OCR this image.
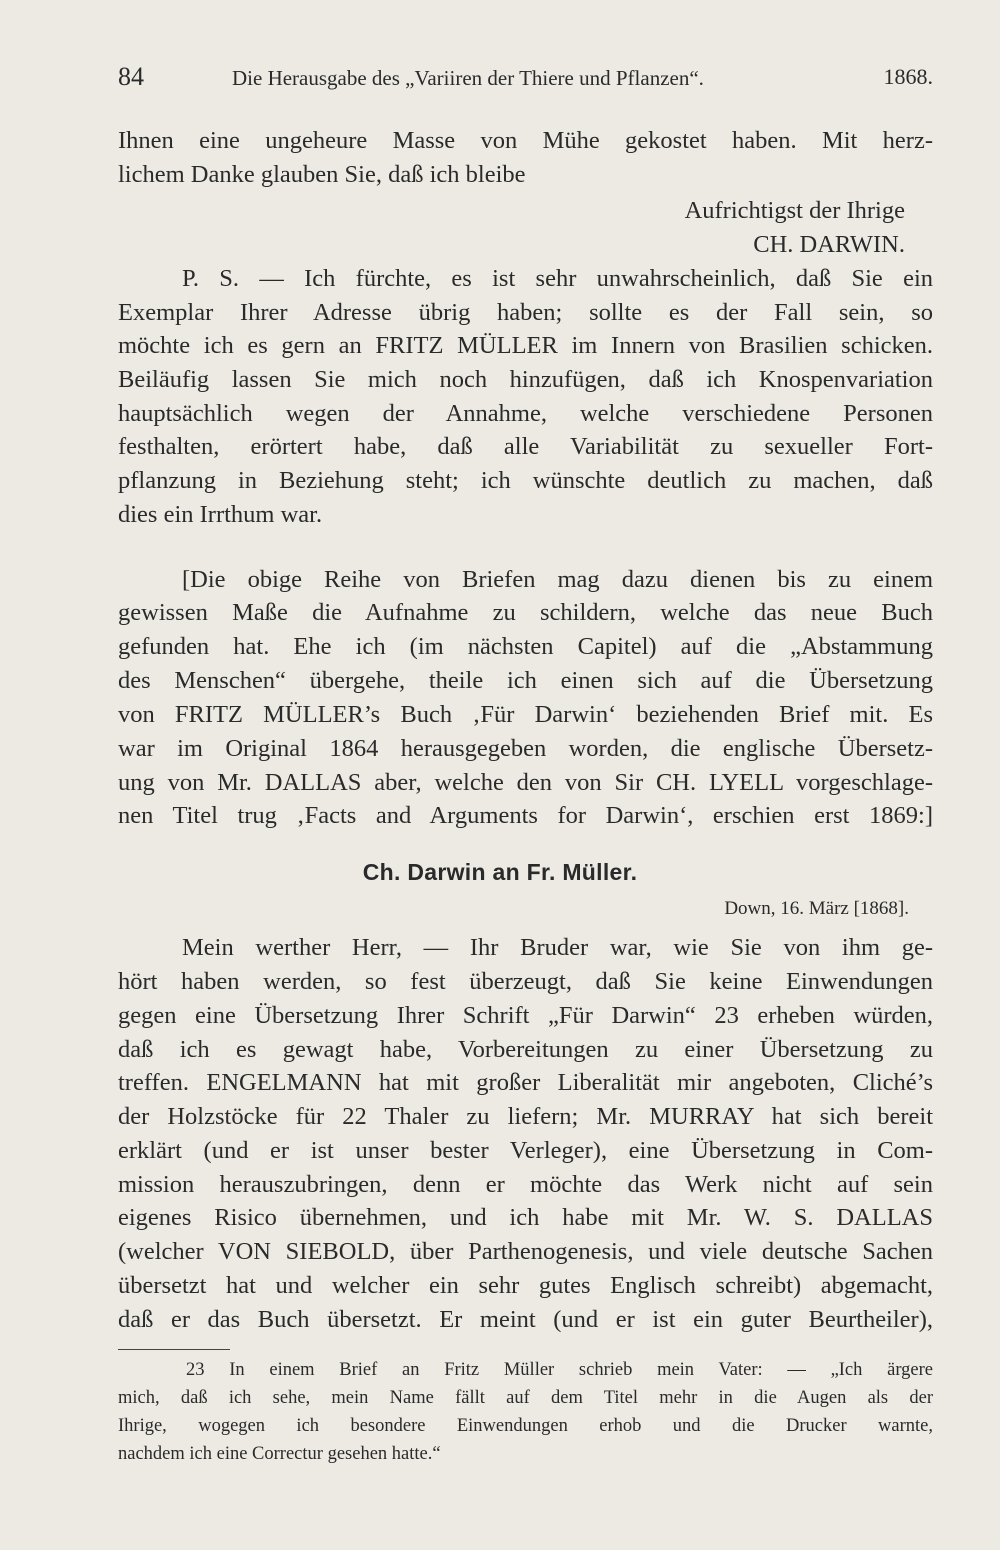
84	Die Herausgabe des „Variiren der Thiere und Pflanzen“.	1868.
Ihnen eine ungeheure Masse von Mühe gekostet haben. Mit herz-
lichem Danke glauben Sie, daß ich bleibe
Aufrichtigst der Ihrige
CH. DARWIN.
P. S. — Ich fürchte, es ist sehr unwahrscheinlich, daß Sie ein
Exemplar Ihrer Adresse übrig haben; sollte es der Fall sein, so
möchte ich es gern an FRITZ MÜLLER im Innern von Brasilien schicken.
Beiläufig lassen Sie mich noch hinzufügen, daß ich Knospenvariation
hauptsächlich wegen der Annahme, welche verschiedene Personen
festhalten, erörtert habe, daß alle Variabilität zu sexueller Fort-
pflanzung in Beziehung steht; ich wünschte deutlich zu machen, daß
dies ein Irrthum war.
[Die obige Reihe von Briefen mag dazu dienen bis zu einem
gewissen Maße die Aufnahme zu schildern, welche das neue Buch
gefunden hat. Ehe ich (im nächsten Capitel) auf die „Abstammung
des Menschen“ übergehe, theile ich einen sich auf die Übersetzung
von FRITZ MÜLLER’s Buch ‚Für Darwin‘ beziehenden Brief mit. Es
war im Original 1864 herausgegeben worden, die englische Übersetz-
ung von Mr. DALLAS aber, welche den von Sir CH. LYELL vorgeschlage-
nen Titel trug ‚Facts and Arguments for Darwin‘, erschien erst 1869:]
Ch. Darwin an Fr. Müller.
Down, 16. März [1868].
Mein werther Herr, — Ihr Bruder war, wie Sie von ihm ge-
hört haben werden, so fest überzeugt, daß Sie keine Einwendungen
gegen eine Übersetzung Ihrer Schrift „Für Darwin“ 23 erheben würden,
daß ich es gewagt habe, Vorbereitungen zu einer Übersetzung zu
treffen. ENGELMANN hat mit großer Liberalität mir angeboten, Cliché’s
der Holzstöcke für 22 Thaler zu liefern; Mr. MURRAY hat sich bereit
erklärt (und er ist unser bester Verleger), eine Übersetzung in Com-
mission herauszubringen, denn er möchte das Werk nicht auf sein
eigenes Risico übernehmen, und ich habe mit Mr. W. S. DALLAS
(welcher VON SIEBOLD, über Parthenogenesis, und viele deutsche Sachen
übersetzt hat und welcher ein sehr gutes Englisch schreibt) abgemacht,
daß er das Buch übersetzt. Er meint (und er ist ein guter Beurtheiler),
23 In einem Brief an Fritz Müller schrieb mein Vater: — „Ich ärgere
mich, daß ich sehe, mein Name fällt auf dem Titel mehr in die Augen als der
Ihrige, wogegen ich besondere Einwendungen erhob und die Drucker warnte,
nachdem ich eine Correctur gesehen hatte.“
